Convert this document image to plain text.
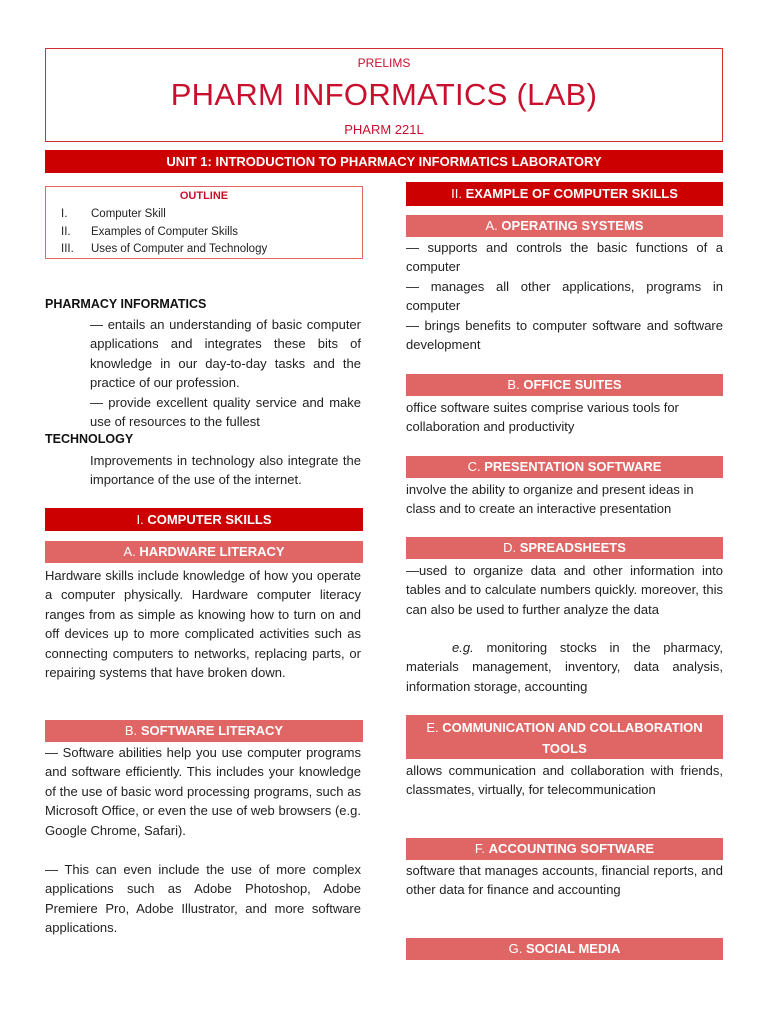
PRELIMS
PHARM INFORMATICS (LAB)
PHARM 221L
UNIT 1: INTRODUCTION TO PHARMACY INFORMATICS LABORATORY
OUTLINE
I.	Computer Skill
II.	Examples of Computer Skills
III.	Uses of Computer and Technology
PHARMACY INFORMATICS
— entails an understanding of basic computer applications and integrates these bits of knowledge in our day-to-day tasks and the practice of our profession.
— provide excellent quality service and make use of resources to the fullest
TECHNOLOGY
Improvements in technology also integrate the importance of the use of the internet.
I. COMPUTER SKILLS
A. HARDWARE LITERACY
Hardware skills include knowledge of how you operate a computer physically. Hardware computer literacy ranges from as simple as knowing how to turn on and off devices up to more complicated activities such as connecting computers to networks, replacing parts, or repairing systems that have broken down.
B. SOFTWARE LITERACY
— Software abilities help you use computer programs and software efficiently. This includes your knowledge of the use of basic word processing programs, such as Microsoft Office, or even the use of web browsers (e.g. Google Chrome, Safari).
— This can even include the use of more complex applications such as Adobe Photoshop, Adobe Premiere Pro, Adobe Illustrator, and more software applications.
II. EXAMPLE OF COMPUTER SKILLS
A. OPERATING SYSTEMS
— supports and controls the basic functions of a computer
— manages all other applications, programs in computer
— brings benefits to computer software and software development
B. OFFICE SUITES
office software suites comprise various tools for collaboration and productivity
C. PRESENTATION SOFTWARE
involve the ability to organize and present ideas in class and to create an interactive presentation
D. SPREADSHEETS
—used to organize data and other information into tables and to calculate numbers quickly. moreover, this can also be used to further analyze the data
e.g. monitoring stocks in the pharmacy, materials management, inventory, data analysis, information storage, accounting
E. COMMUNICATION AND COLLABORATION
TOOLS
allows communication and collaboration with friends, classmates, virtually, for telecommunication
F. ACCOUNTING SOFTWARE
software that manages accounts, financial reports, and other data for finance and accounting
G. SOCIAL MEDIA
